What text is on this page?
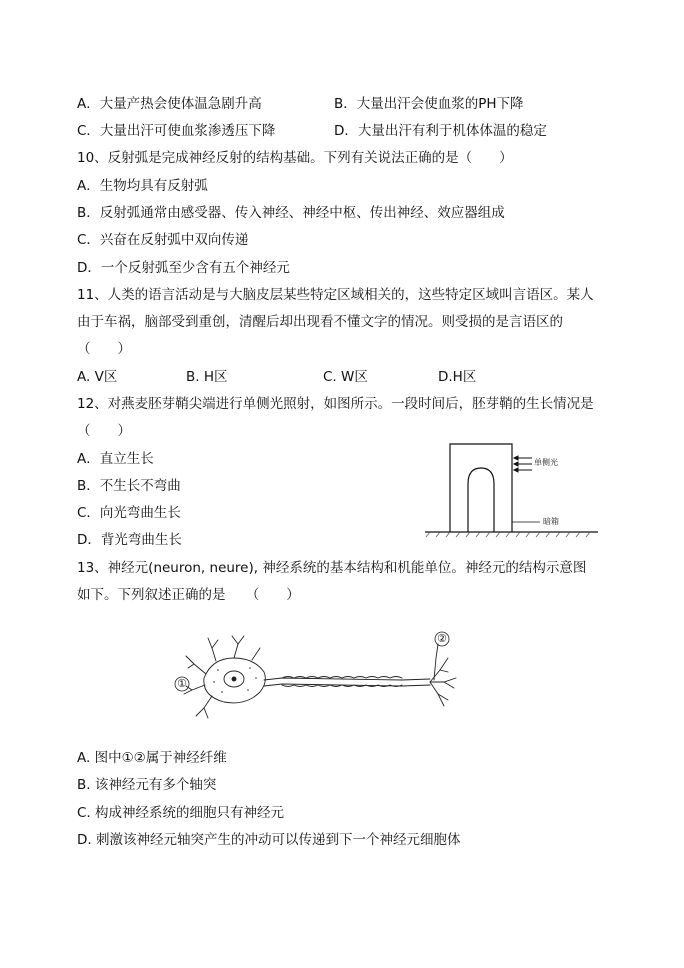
A．大量产热会使体温急剧升高	B．大量出汗会使血浆的PH下降
C．大量出汗可使血浆渗透压下降	D．大量出汗有利于机体体温的稳定
10、反射弧是完成神经反射的结构基础。下列有关说法正确的是（　　）
A．生物均具有反射弧
B．反射弧通常由感受器、传入神经、神经中枢、传出神经、效应器组成
C．兴奋在反射弧中双向传递
D．一个反射弧至少含有五个神经元
11、人类的语言活动是与大脑皮层某些特定区域相关的，这些特定区域叫言语区。某人
由于车祸，脑部受到重创，清醒后却出现看不懂文字的情况。则受损的是言语区的
（　　）
A. V区	B. H区	C. W区	D.H区
12、对燕麦胚芽鞘尖端进行单侧光照射，如图所示。一段时间后，胚芽鞘的生长情况是
（　　）
A．直立生长
B．不生长不弯曲
C．向光弯曲生长
D．背光弯曲生长
单侧光
暗箱
13、神经元(neuron, neure), 神经系统的基本结构和机能单位。神经元的结构示意图
如下。下列叙述正确的是　　（　　）
①
②
A. 图中①②属于神经纤维
B. 该神经元有多个轴突
C. 构成神经系统的细胞只有神经元
D. 刺激该神经元轴突产生的冲动可以传递到下一个神经元细胞体
